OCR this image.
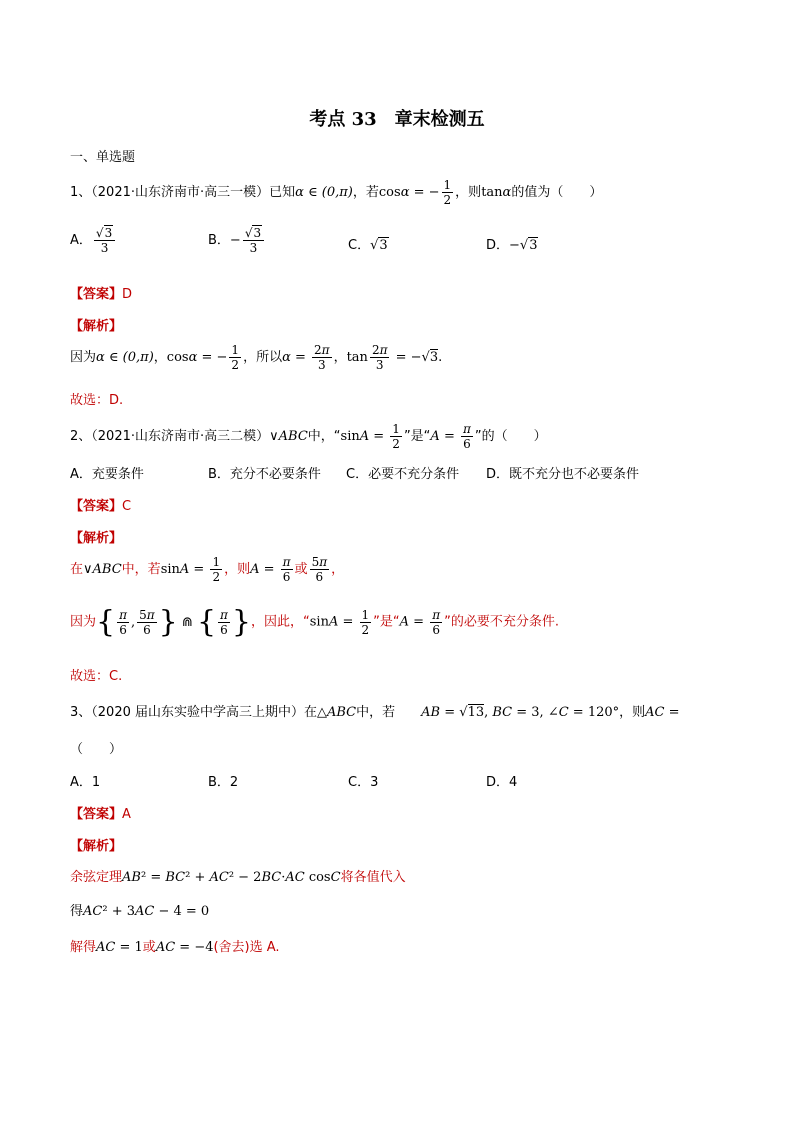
考点 33 章末检测五
一、单选题
1、（2021·山东济南市·高三一模）已知α ∈ (0,π)，若cosα = − $\frac{1}{2}$ ，则tanα的值为（　　）
A． $\frac{√3}{3}$	B．− $\frac{√3}{3}$	C．√3	D．−√3
【答案】D
【解析】
因为α ∈ (0,π)，cosα = − $\frac{1}{2}$ ，所以$\alpha = \frac{2\pi}{3}$ ，$\tan \frac{2\pi}{3} = -√3$.
故选：D.
2、（2021·山东济南市·高三二模）∨ABC中，“$\sin A = \frac{1}{2}$ ”是“$A = \frac{\pi}{6}$ ”的（　　）
A．充要条件	B．充分不必要条件 C．必要不充分条件 D．既不充分也不必要条件
【答案】C
【解析】
在∨ABC中，若$\sin A = \frac{1}{2}$ ，则$A = \frac{\pi}{6}$ 或 $\frac{5\pi}{6}$ ，
因为{ $\frac{\pi}{6}$ , $\frac{5\pi}{6}$ } ⋒ { $\frac{\pi}{6}$ }，因此，“$\sin A = \frac{1}{2}$ ”是“$A = \frac{\pi}{6}$ ”的必要不充分条件.
故选：C.
3、（2020 届山东实验中学高三上期中）在△ABC中，若 AB = √13, BC = 3, ∠C = 120°，则AC =
（　　）
A．1	B．2	C．3	D．4
【答案】A
【解析】
余弦定理AB² = BC² + AC² − 2BC·AC cosC将各值代入
得AC² + 3AC − 4 = 0
解得AC = 1或AC = −4(舍去)选 A.
